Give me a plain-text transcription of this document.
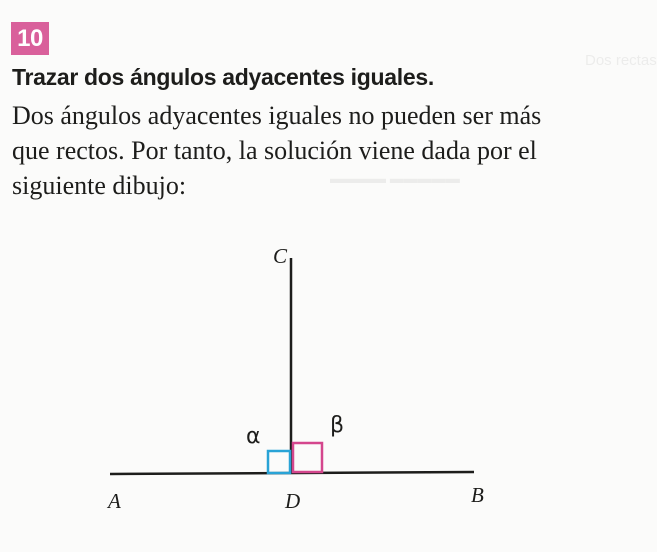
Dos rectas
▬▬▬▬ ▬▬▬▬▬
10
Trazar dos ángulos adyacentes iguales.
Dos ángulos adyacentes iguales no pueden ser más
que rectos. Por tanto, la solución viene dada por el
siguiente dibujo:
A	B
C
D
α	β
